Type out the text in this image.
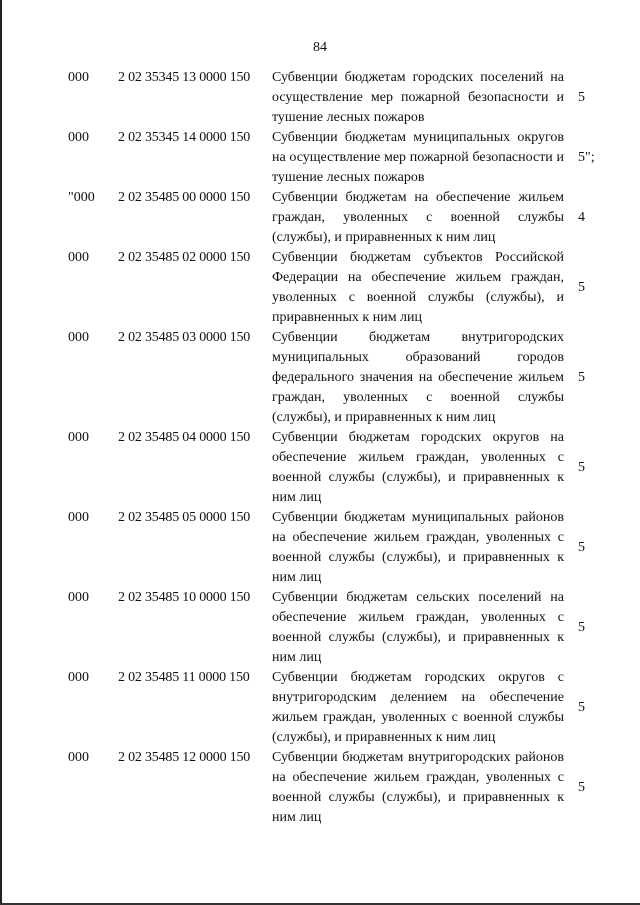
84
000 2 02 35345 13 0000 150 Субвенции бюджетам городских поселений на осуществление мер пожарной безопасности и тушение лесных пожаров
5
000 2 02 35345 14 0000 150 Субвенции бюджетам муниципальных округов на осуществление мер пожарной безопасности и тушение лесных пожаров
5";
"000 2 02 35485 00 0000 150 Субвенции бюджетам на обеспечение жильем граждан, уволенных с военной службы (службы), и приравненных к ним лиц
4
000 2 02 35485 02 0000 150 Субвенции бюджетам субъектов Российской Федерации на обеспечение жильем граждан, уволенных с военной службы (службы), и приравненных к ним лиц
5
000 2 02 35485 03 0000 150 Субвенции бюджетам внутригородских муниципальных образований городов федерального значения на обеспечение жильем граждан, уволенных с военной службы (службы), и приравненных к ним лиц
5
000 2 02 35485 04 0000 150 Субвенции бюджетам городских округов на обеспечение жильем граждан, уволенных с военной службы (службы), и приравненных к ним лиц
5
000 2 02 35485 05 0000 150 Субвенции бюджетам муниципальных районов на обеспечение жильем граждан, уволенных с военной службы (службы), и приравненных к ним лиц
5
000 2 02 35485 10 0000 150 Субвенции бюджетам сельских поселений на обеспечение жильем граждан, уволенных с военной службы (службы), и приравненных к ним лиц
5
000 2 02 35485 11 0000 150 Субвенции бюджетам городских округов с внутригородским делением на обеспечение жильем граждан, уволенных с военной службы (службы), и приравненных к ним лиц
5
000 2 02 35485 12 0000 150 Субвенции бюджетам внутригородских районов на обеспечение жильем граждан, уволенных с военной службы (службы), и приравненных к ним лиц
5
